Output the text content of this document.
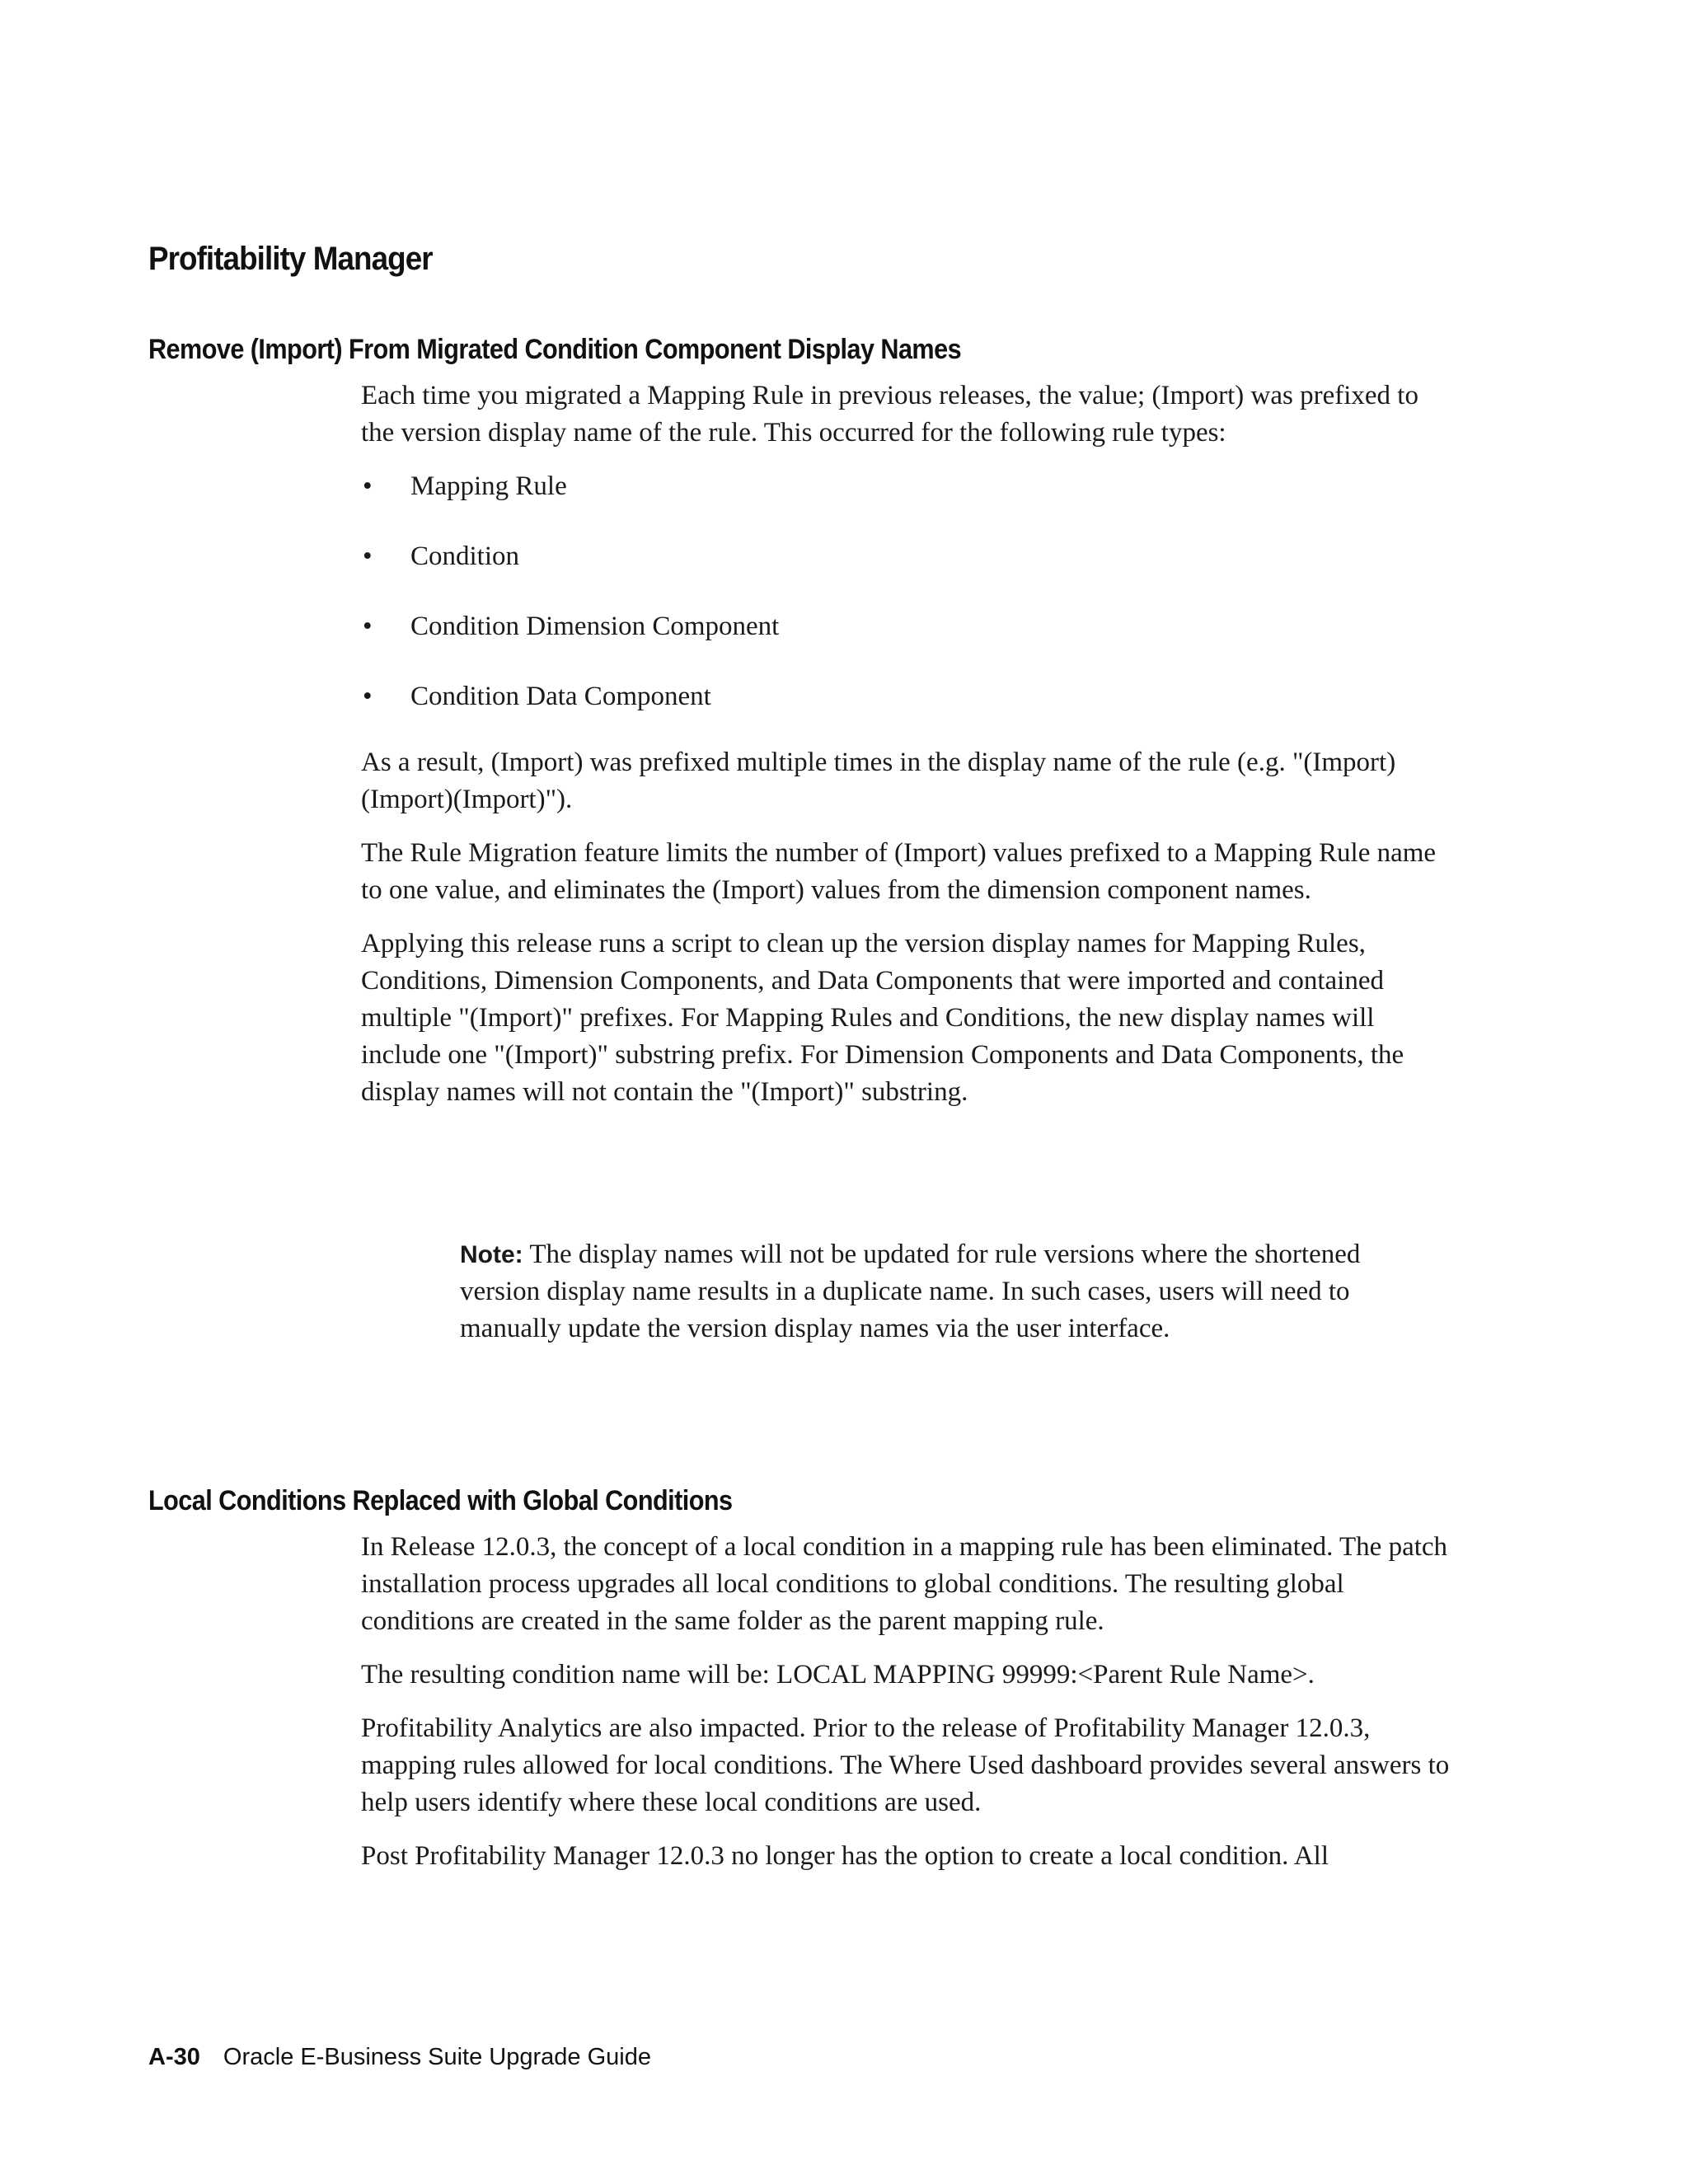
Profitability Manager
Remove (Import) From Migrated Condition Component Display Names

Each time you migrated a Mapping Rule in previous releases, the value; (Import) was prefixed to the version display name of the rule. This occurred for the following rule types:

• Mapping Rule
• Condition
• Condition Dimension Component
• Condition Data Component

As a result, (Import) was prefixed multiple times in the display name of the rule (e.g. "(Import)(Import)(Import)").

The Rule Migration feature limits the number of (Import) values prefixed to a Mapping Rule name to one value, and eliminates the (Import) values from the dimension component names.

Applying this release runs a script to clean up the version display names for Mapping Rules, Conditions, Dimension Components, and Data Components that were imported and contained multiple "(Import)" prefixes. For Mapping Rules and Conditions, the new display names will include one "(Import)" substring prefix. For Dimension Components and Data Components, the display names will not contain the "(Import)" substring.

Note: The display names will not be updated for rule versions where the shortened version display name results in a duplicate name. In such cases, users will need to manually update the version display names via the user interface.
Local Conditions Replaced with Global Conditions

In Release 12.0.3, the concept of a local condition in a mapping rule has been eliminated. The patch installation process upgrades all local conditions to global conditions. The resulting global conditions are created in the same folder as the parent mapping rule.

The resulting condition name will be: LOCAL MAPPING 99999:<Parent Rule Name>.

Profitability Analytics are also impacted. Prior to the release of Profitability Manager 12.0.3, mapping rules allowed for local conditions. The Where Used dashboard provides several answers to help users identify where these local conditions are used.

Post Profitability Manager 12.0.3 no longer has the option to create a local condition. All

A-30 Oracle E-Business Suite Upgrade Guide
